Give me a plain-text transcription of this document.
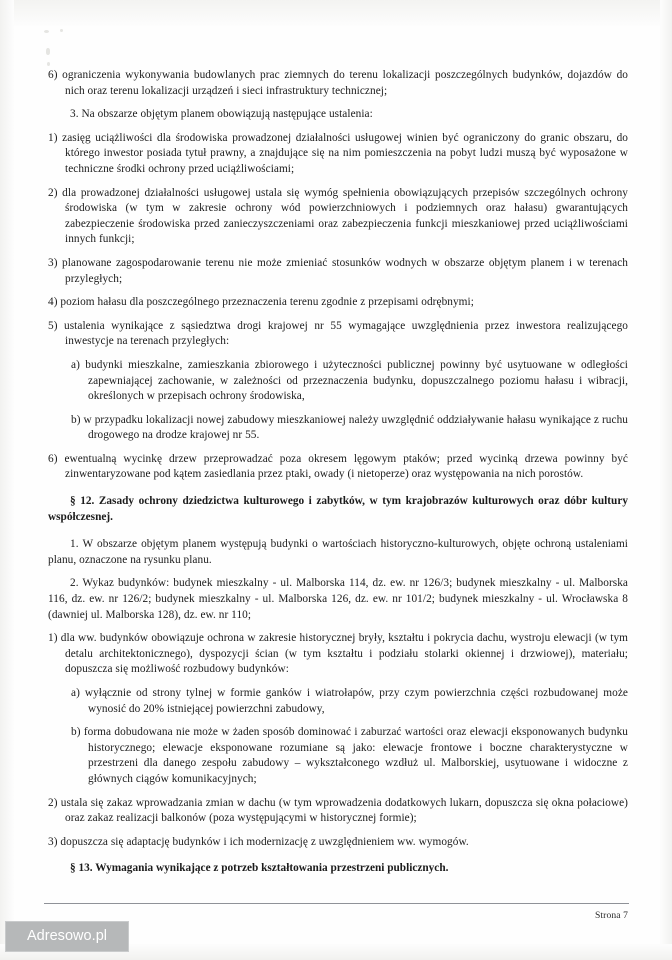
6) ograniczenia wykonywania budowlanych prac ziemnych do terenu lokalizacji poszczególnych budynków, dojazdów do nich oraz terenu lokalizacji urządzeń i sieci infrastruktury technicznej;

3. Na obszarze objętym planem obowiązują następujące ustalenia:

1) zasięg uciążliwości dla środowiska prowadzonej działalności usługowej winien być ograniczony do granic obszaru, do którego inwestor posiada tytuł prawny, a znajdujące się na nim pomieszczenia na pobyt ludzi muszą być wyposażone w techniczne środki ochrony przed uciążliwościami;

2) dla prowadzonej działalności usługowej ustala się wymóg spełnienia obowiązujących przepisów szczególnych ochrony środowiska (w tym w zakresie ochrony wód powierzchniowych i podziemnych oraz hałasu) gwarantujących zabezpieczenie środowiska przed zanieczyszczeniami oraz zabezpieczenia funkcji mieszkaniowej przed uciążliwościami innych funkcji;

3) planowane zagospodarowanie terenu nie może zmieniać stosunków wodnych w obszarze objętym planem i w terenach przyległych;

4) poziom hałasu dla poszczególnego przeznaczenia terenu zgodnie z przepisami odrębnymi;

5) ustalenia wynikające z sąsiedztwa drogi krajowej nr 55 wymagające uwzględnienia przez inwestora realizującego inwestycje na terenach przyległych:

a) budynki mieszkalne, zamieszkania zbiorowego i użyteczności publicznej powinny być usytuowane w odległości zapewniającej zachowanie, w zależności od przeznaczenia budynku, dopuszczalnego poziomu hałasu i wibracji, określonych w przepisach ochrony środowiska,

b) w przypadku lokalizacji nowej zabudowy mieszkaniowej należy uwzględnić oddziaływanie hałasu wynikające z ruchu drogowego na drodze krajowej nr 55.

6) ewentualną wycinkę drzew przeprowadzać poza okresem lęgowym ptaków; przed wycinką drzewa powinny być zinwentaryzowane pod kątem zasiedlania przez ptaki, owady (i nietoperze) oraz występowania na nich porostów.

§ 12. Zasady ochrony dziedzictwa kulturowego i zabytków, w tym krajobrazów kulturowych oraz dóbr kultury współczesnej.

1. W obszarze objętym planem występują budynki o wartościach historyczno-kulturowych, objęte ochroną ustaleniami planu, oznaczone na rysunku planu.

2. Wykaz budynków: budynek mieszkalny - ul. Malborska 114, dz. ew. nr 126/3; budynek mieszkalny - ul. Malborska 116, dz. ew. nr 126/2; budynek mieszkalny - ul. Malborska 126, dz. ew. nr 101/2; budynek mieszkalny - ul. Wrocławska 8 (dawniej ul. Malborska 128), dz. ew. nr 110;

1) dla ww. budynków obowiązuje ochrona w zakresie historycznej bryły, kształtu i pokrycia dachu, wystroju elewacji (w tym detalu architektonicznego), dyspozycji ścian (w tym kształtu i podziału stolarki okiennej i drzwiowej), materiału; dopuszcza się możliwość rozbudowy budynków:

a) wyłącznie od strony tylnej w formie ganków i wiatrołapów, przy czym powierzchnia części rozbudowanej może wynosić do 20% istniejącej powierzchni zabudowy,

b) forma dobudowana nie może w żaden sposób dominować i zaburzać wartości oraz elewacji eksponowanych budynku historycznego; elewacje eksponowane rozumiane są jako: elewacje frontowe i boczne charakterystyczne w przestrzeni dla danego zespołu zabudowy – wykształconego wzdłuż ul. Malborskiej, usytuowane i widoczne z głównych ciągów komunikacyjnych;

2) ustala się zakaz wprowadzania zmian w dachu (w tym wprowadzenia dodatkowych lukarn, dopuszcza się okna połaciowe) oraz zakaz realizacji balkonów (poza występującymi w historycznej formie);

3) dopuszcza się adaptację budynków i ich modernizację z uwzględnieniem ww. wymogów.

§ 13. Wymagania wynikające z potrzeb kształtowania przestrzeni publicznych.

Strona 7
Adresowo.pl
